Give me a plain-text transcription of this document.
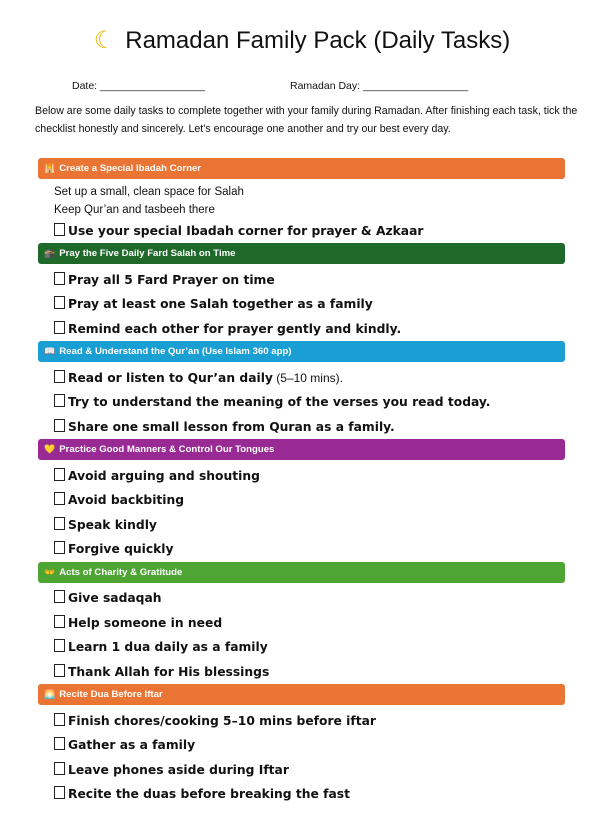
☾ Ramadan Family Pack (Daily Tasks)
Date: __________________	Ramadan Day: __________________
Below are some daily tasks to complete together with your family during Ramadan. After finishing each task, tick the checklist honestly and sincerely. Let’s encourage one another and try our best every day.
🕌 Create a Special Ibadah Corner
Set up a small, clean space for Salah
Keep Qur’an and tasbeeh there
Use your special Ibadah corner for prayer & Azkaar
🕋 Pray the Five Daily Fard Salah on Time
Pray all 5 Fard Prayer on time
Pray at least one Salah together as a family
Remind each other for prayer gently and kindly.
📖 Read & Understand the Qur’an (Use Islam 360 app)
Read or listen to Qur’an daily (5–10 mins).
Try to understand the meaning of the verses you read today.
Share one small lesson from Quran as a family.
💛 Practice Good Manners & Control Our Tongues
Avoid arguing and shouting
Avoid backbiting
Speak kindly
Forgive quickly
👐 Acts of Charity & Gratitude
Give sadaqah
Help someone in need
Learn 1 dua daily as a family
Thank Allah for His blessings
🌅 Recite Dua Before Iftar
Finish chores/cooking 5–10 mins before iftar
Gather as a family
Leave phones aside during Iftar
Recite the duas before breaking the fast
